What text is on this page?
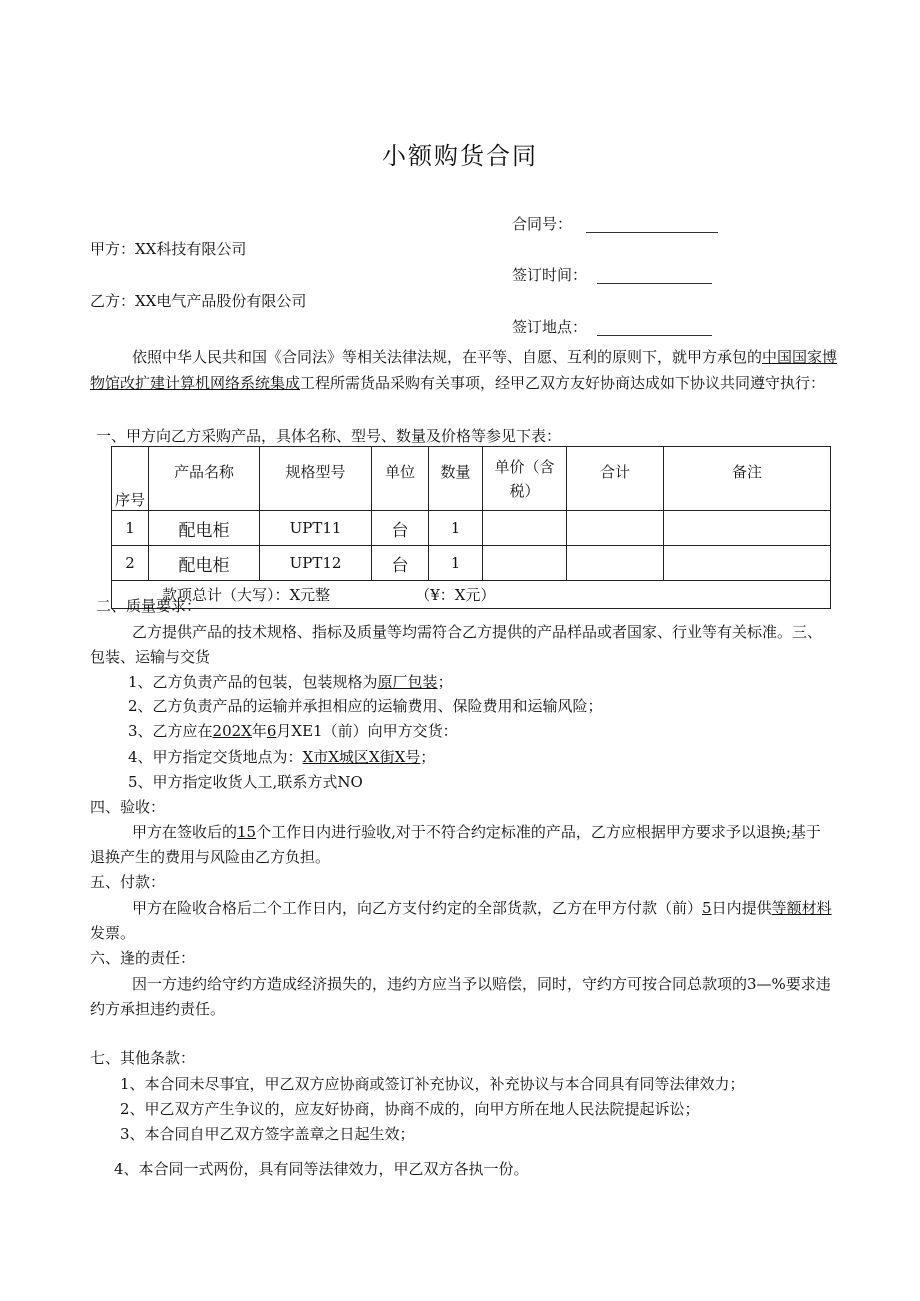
小额购货合同
合同号：
甲方：XX科技有限公司
签订时间：
乙方：XX电气产品股份有限公司
签订地点：
依照中华人民共和国《合同法》等相关法律法规，在平等、自愿、互利的原则下，就甲方承包的中国国家博
物馆改扩建计算机网络系统集成工程所需货品采购有关事项，经甲乙双方友好协商达成如下协议共同遵守执行：
一、甲方向乙方采购产品，具体名称、型号、数量及价格等参见下表：
序号	产品名称	规格型号	单位	数量	单价（含税）	合计	备注
1	配电柜	UPT11	台	1			
2	配电柜	UPT12	台	1			
款项总计（大写）：X元整 （¥：X元）							
二、质量要求：
乙方提供产品的技术规格、指标及质量等均需符合乙方提供的产品样品或者国家、行业等有关标准。三、
包装、运输与交货
1、乙方负责产品的包装，包装规格为原厂包装；
2、乙方负责产品的运输并承担相应的运输费用、保险费用和运输风险；
3、乙方应在202X年6月XE1（前）向甲方交货：
4、甲方指定交货地点为：X市X城区X街X号；
5、甲方指定收货人工,联系方式NO
四、验收：
甲方在签收后的15个工作日内进行验收,对于不符合约定标准的产品，乙方应根据甲方要求予以退换;基于
退换产生的费用与风险由乙方负担。
五、付款：
甲方在险收合格后二个工作日内，向乙方支付约定的全部货款，乙方在甲方付款（前）5日内提供等额材料
发票。
六、逢的责任：
因一方违约给守约方造成经济损失的，违约方应当予以赔偿，同时，守约方可按合同总款项的3—%要求违
约方承担违约责任。
七、其他条款：
1、本合同未尽事宜，甲乙双方应协商或签订补充协议，补充协议与本合同具有同等法律效力；
2、甲乙双方产生争议的，应友好协商，协商不成的，向甲方所在地人民法院提起诉讼；
3、本合同自甲乙双方签字盖章之日起生效；
4、本合同一式两份，具有同等法律效力，甲乙双方各执一份。
